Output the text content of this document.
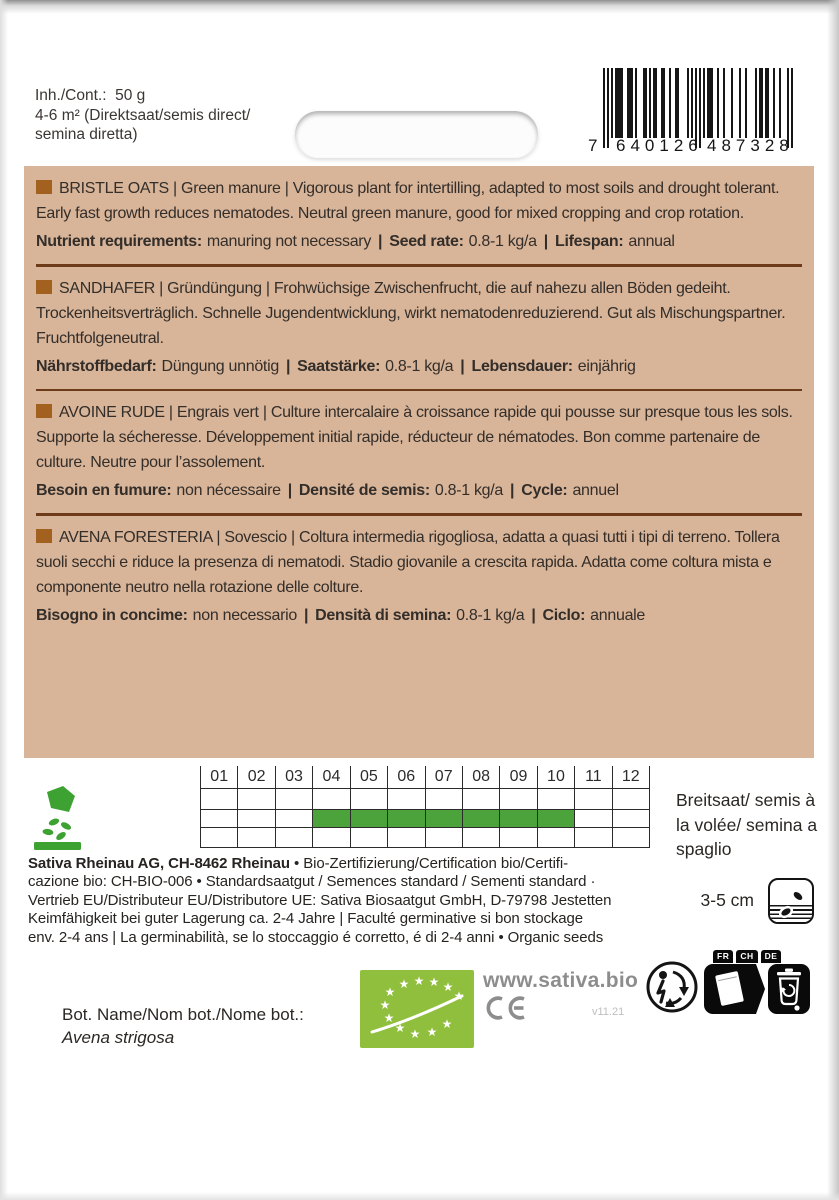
Inh./Cont.:  50 g
4-6 m² (Direktsaat/semis direct/
semina diretta)
7 640126 487328

BRISTLE OATS | Green manure | Vigorous plant for intertilling, adapted to most soils and drought tolerant. Early fast growth reduces nematodes. Neutral green manure, good for mixed cropping and crop rotation.

Nutrient requirements: manuring not necessary | Seed rate: 0.8-1 kg/a | Lifespan: annual

SANDHAFER | Gründüngung | Frohwüchsige Zwischenfrucht, die auf nahezu allen Böden gedeiht. Trockenheitsverträglich. Schnelle Jugendentwicklung, wirkt nematodenreduzierend. Gut als Mischungspartner. Fruchtfolgeneutral.

Nährstoffbedarf: Düngung unnötig | Saatstärke: 0.8-1 kg/a | Lebensdauer: einjährig

AVOINE RUDE | Engrais vert | Culture intercalaire à croissance rapide qui pousse sur presque tous les sols. Supporte la sécheresse. Développement initial rapide, réducteur de nématodes. Bon comme partenaire de culture. Neutre pour l’assolement.

Besoin en fumure: non nécessaire | Densité de semis: 0.8-1 kg/a | Cycle: annuel

AVENA FORESTERIA | Sovescio | Coltura intermedia rigogliosa, adatta a quasi tutti i tipi di terreno. Tollera suoli secchi e riduce la presenza di nematodi. Stadio giovanile a crescita rapida. Adatta come coltura mista e componente neutro nella rotazione delle colture.

Bisogno in concime: non necessario | Densità di semina: 0.8-1 kg/a | Ciclo: annuale

01	02	03	04	05	06	07	08	09	10	11	12
Breitsaat/ semis à
la volée/ semina a
spaglio
3-5 cm
Sativa Rheinau AG, CH-8462 Rheinau • Bio-Zertifizierung/Certification bio/Certifi-
cazione bio: CH-BIO-006 • Standardsaatgut / Semences standard / Sementi standard ·
Vertrieb EU/Distributeur EU/Distributore UE: Sativa Biosaatgut GmbH, D-79798 Jestetten
Keimfähigkeit bei guter Lagerung ca. 2-4 Jahre | Faculté germinative si bon stockage
env. 2-4 ans | La germinabilità, se lo stoccaggio é corretto, é di 2-4 anni • Organic seeds
FR	CH	DE
★
★ ★ ★ ★
★
★
★
★ ★ ★
★
www.sativa.bio
v11.21
Bot. Name/Nom bot./Nome bot.:
Avena strigosa
